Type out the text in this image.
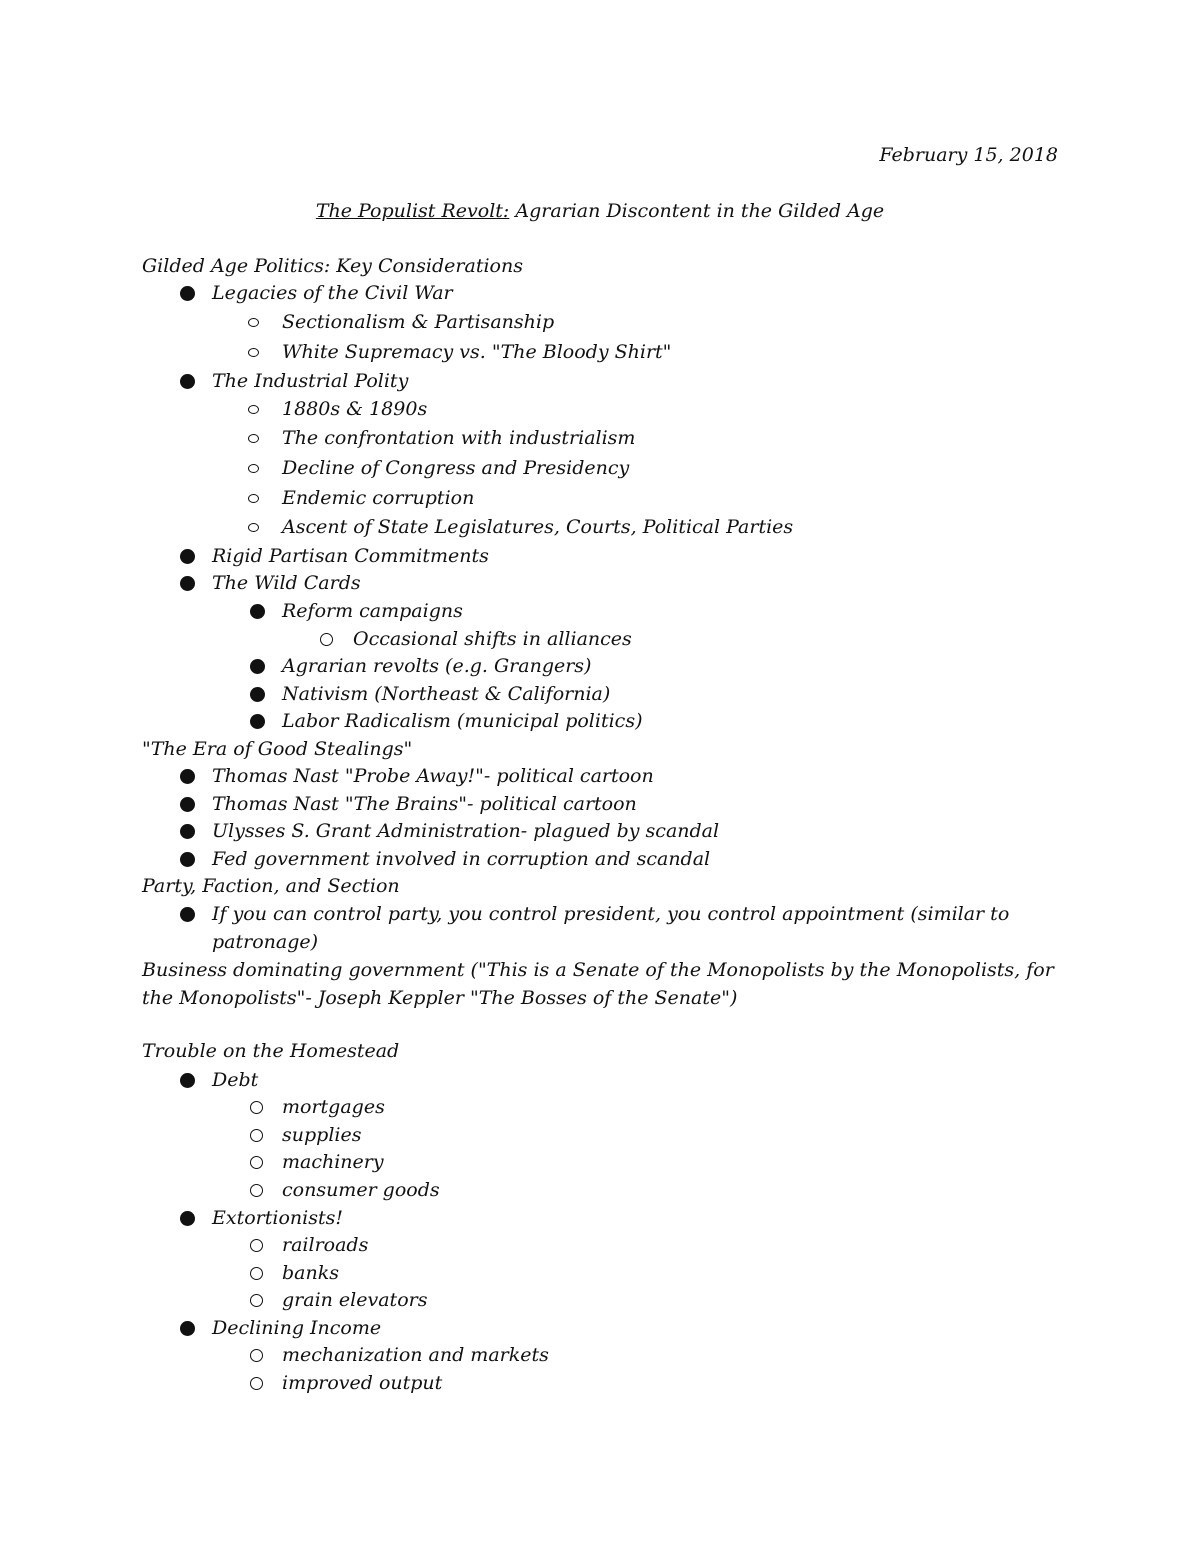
February 15, 2018
The Populist Revolt: Agrarian Discontent in the Gilded Age
Gilded Age Politics: Key Considerations
Legacies of the Civil War
Sectionalism & Partisanship
White Supremacy vs. "The Bloody Shirt"
The Industrial Polity
1880s & 1890s
The confrontation with industrialism
Decline of Congress and Presidency
Endemic corruption
Ascent of State Legislatures, Courts, Political Parties
Rigid Partisan Commitments
The Wild Cards
Reform campaigns
Occasional shifts in alliances
Agrarian revolts (e.g. Grangers)
Nativism (Northeast & California)
Labor Radicalism (municipal politics)
"The Era of Good Stealings"
Thomas Nast "Probe Away!"- political cartoon
Thomas Nast "The Brains"- political cartoon
Ulysses S. Grant Administration- plagued by scandal
Fed government involved in corruption and scandal
Party, Faction, and Section
If you can control party, you control president, you control appointment (similar to
patronage)
Business dominating government ("This is a Senate of the Monopolists by the Monopolists, for
the Monopolists"- Joseph Keppler "The Bosses of the Senate")
Trouble on the Homestead
Debt
mortgages
supplies
machinery
consumer goods
Extortionists!
railroads
banks
grain elevators
Declining Income
mechanization and markets
improved output
